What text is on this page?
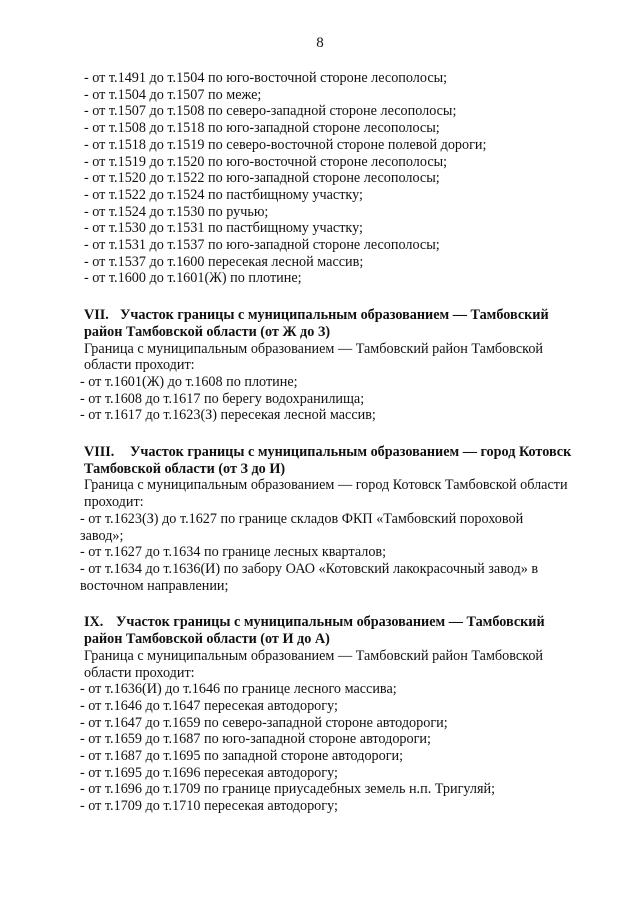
8
- от т.1491 до т.1504 по юго-восточной стороне лесополосы;
- от т.1504 до т.1507 по меже;
- от т.1507 до т.1508 по северо-западной стороне лесополосы;
- от т.1508 до т.1518 по юго-западной стороне лесополосы;
- от т.1518 до т.1519 по северо-восточной стороне полевой дороги;
- от т.1519 до т.1520 по юго-восточной стороне лесополосы;
- от т.1520 до т.1522 по юго-западной стороне лесополосы;
- от т.1522 до т.1524 по пастбищному участку;
- от т.1524 до т.1530 по ручью;
- от т.1530 до т.1531 по пастбищному участку;
- от т.1531 до т.1537 по юго-западной стороне лесополосы;
- от т.1537 до т.1600 пересекая лесной массив;
- от т.1600 до т.1601(Ж) по плотине;
VII. Участок границы с муниципальным образованием — Тамбовский
район Тамбовской области (от Ж до З)
Граница с муниципальным образованием — Тамбовский район Тамбовской
области проходит:
- от т.1601(Ж) до т.1608 по плотине;
- от т.1608 до т.1617 по берегу водохранилища;
- от т.1617 до т.1623(З) пересекая лесной массив;
VIII. Участок границы с муниципальным образованием — город Котовск
Тамбовской области (от З до И)
Граница с муниципальным образованием — город Котовск Тамбовской области
проходит:
- от т.1623(З) до т.1627 по границе складов ФКП «Тамбовский пороховой
завод»;
- от т.1627 до т.1634 по границе лесных кварталов;
- от т.1634 до т.1636(И) по забору ОАО «Котовский лакокрасочный завод» в
восточном направлении;
IX. Участок границы с муниципальным образованием — Тамбовский
район Тамбовской области (от И до А)
Граница с муниципальным образованием — Тамбовский район Тамбовской
области проходит:
- от т.1636(И) до т.1646 по границе лесного массива;
- от т.1646 до т.1647 пересекая автодорогу;
- от т.1647 до т.1659 по северо-западной стороне автодороги;
- от т.1659 до т.1687 по юго-западной стороне автодороги;
- от т.1687 до т.1695 по западной стороне автодороги;
- от т.1695 до т.1696 пересекая автодорогу;
- от т.1696 до т.1709 по границе приусадебных земель н.п. Тригуляй;
- от т.1709 до т.1710 пересекая автодорогу;
